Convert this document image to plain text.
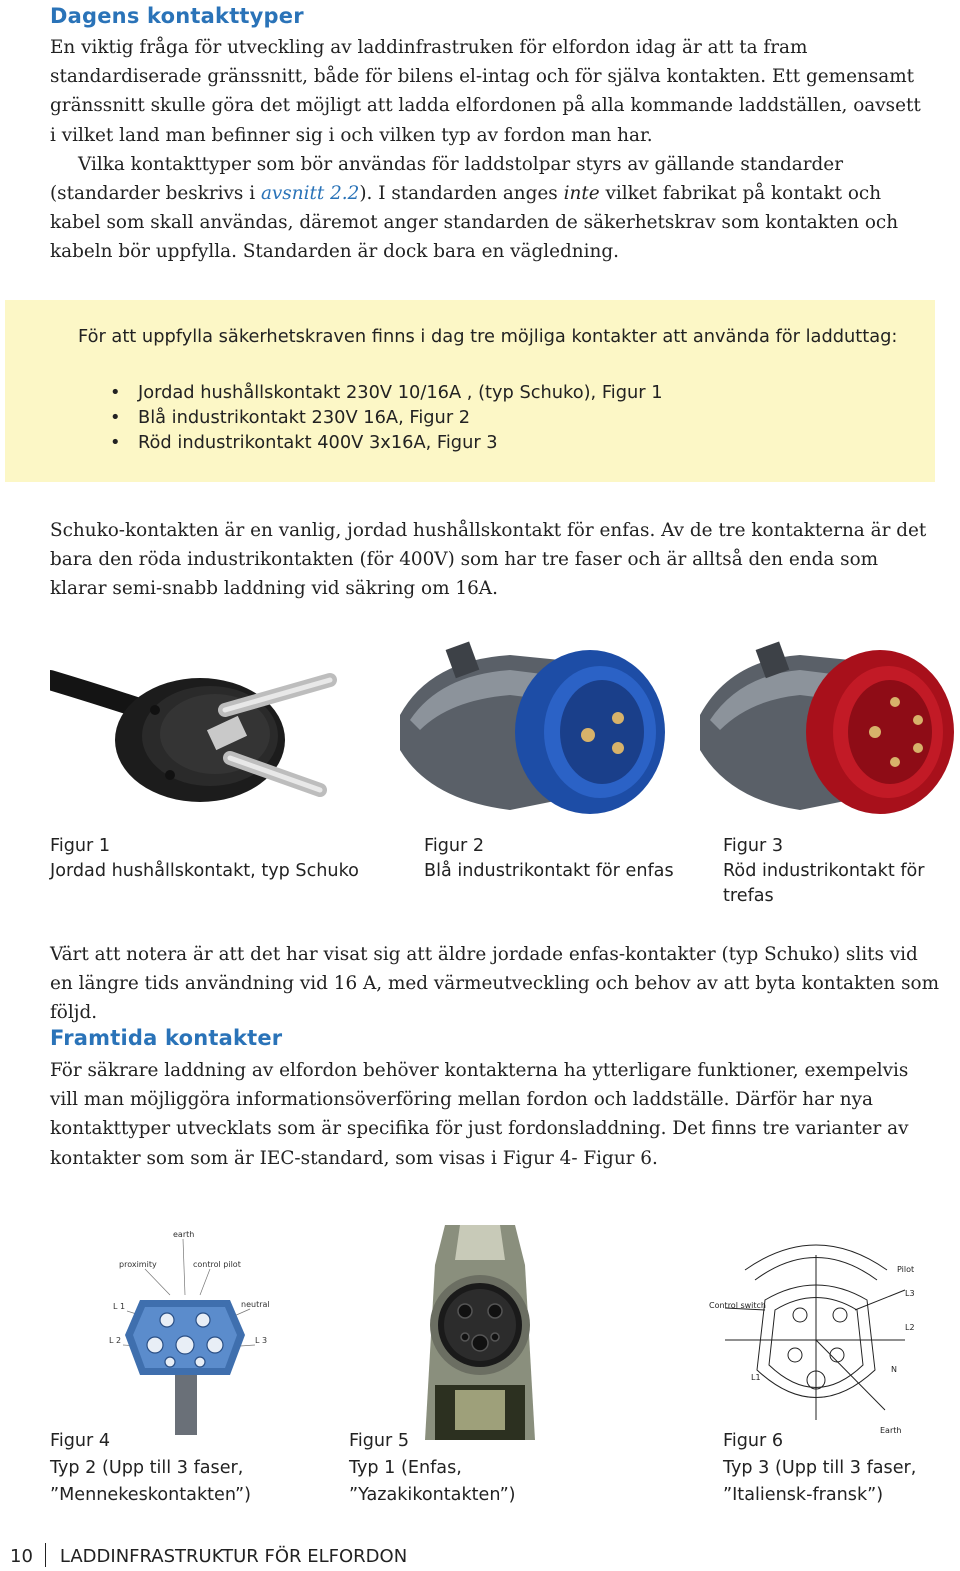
Dagens kontakttyper

En viktig fråga för utveckling av laddinfrastruken för elfordon idag är att ta fram standardiserade gränssnitt, både för bilens el-intag och för själva kontakten. Ett gemensamt gränssnitt skulle göra det möjligt att ladda elfordonen på alla kommande laddställen, oavsett i vilket land man befinner sig i och vilken typ av fordon man har.

Vilka kontakttyper som bör användas för laddstolpar styrs av gällande standarder (standarder beskrivs i avsnitt 2.2). I standarden anges inte vilket fabrikat på kontakt och kabel som skall användas, däremot anger standarden de säkerhetskrav som kontakten och kabeln bör uppfylla. Standarden är dock bara en vägledning.

För att uppfylla säkerhetskraven finns i dag tre möjliga kontakter att använda för ladduttag:
• Jordad hushållskontakt 230V 10/16A , (typ Schuko), Figur 1
• Blå industrikontakt 230V 16A, Figur 2
• Röd industrikontakt 400V 3x16A, Figur 3
Schuko-kontakten är en vanlig, jordad hushållskontakt för enfas. Av de tre kontakterna är det bara den röda industrikontakten (för 400V) som har tre faser och är alltså den enda som klarar semi-snabb laddning vid säkring om 16A.
Figur 1
Jordad hushållskontakt, typ Schuko
Figur 2
Blå industrikontakt för enfas
Figur 3
Röd industrikontakt för
trefas
Värt att notera är att det har visat sig att äldre jordade enfas-kontakter (typ Schuko) slits vid en längre tids användning vid 16 A, med värmeutveckling och behov av att byta kontakten som följd.
Framtida kontakter
För säkrare laddning av elfordon behöver kontakterna ha ytterligare funktioner, exempelvis vill man möjliggöra informationsöverföring mellan fordon och laddställe. Därför har nya kontakttyper utvecklats som är specifika för just fordonsladdning. Det finns tre varianter av kontakter som som är IEC-standard, som visas i Figur 4- Figur 6.
earth
proximity	control pilot
L 1	neutral
L 2	L 3
Control switch
Pilot
L3
L2
L1
N
Earth
Figur 4
Typ 2 (Upp till 3 faser,
”Mennekeskontakten”)
Figur 5
Typ 1 (Enfas,
”Yazakikontakten”)
Figur 6
Typ 3 (Upp till 3 faser,
”Italiensk-fransk”)
10 LADDINFRASTRUKTUR FÖR ELFORDON
